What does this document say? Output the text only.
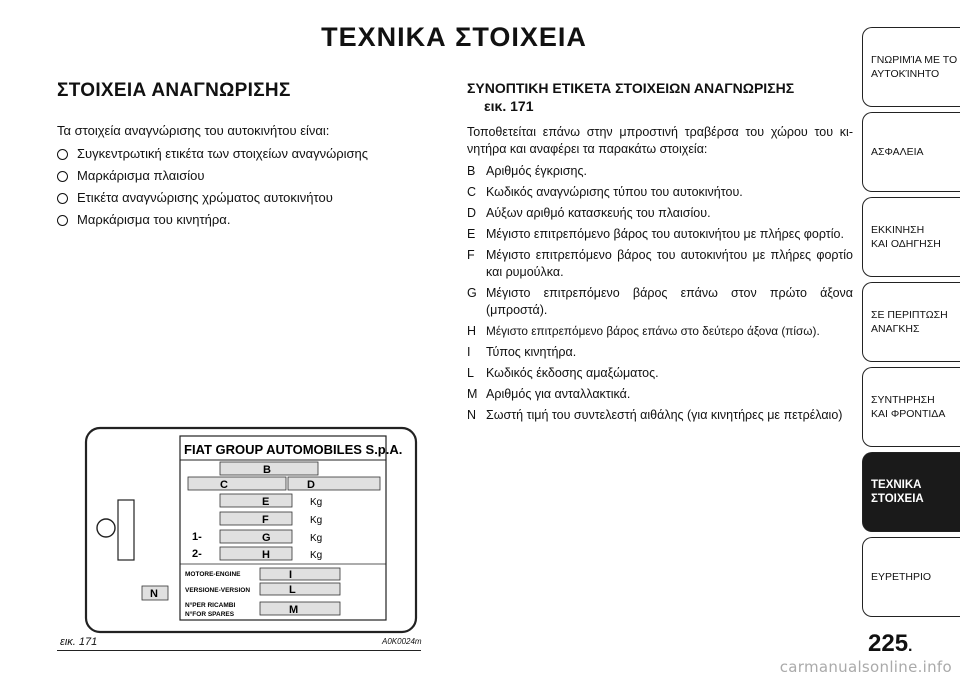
ΤΕΧΝΙΚΑ ΣΤΟΙΧΕΙΑ
ΣΤΟΙΧΕΙΑ ΑΝΑΓΝΩΡΙΣΗΣ
Τα στοιχεία αναγνώρισης του αυτοκινήτου είναι:
Συγκεντρωτική ετικέτα των στοιχείων αναγνώρισης
Μαρκάρισμα πλαισίου
Ετικέτα αναγνώρισης χρώματος αυτοκινήτου
Μαρκάρισμα του κινητήρα.
ΣΥΝΟΠΤΙΚΗ ΕΤΙΚΕΤΑ ΣΤΟΙΧΕΙΩΝ ΑΝΑΓΝΩΡΙΣΗΣ
εικ. 171
Τοποθετείται επάνω στην μπροστινή τραβέρσα του χώρου του κι-νητήρα και αναφέρει τα παρακάτω στοιχεία:
B Αριθμός έγκρισης.
C Κωδικός αναγνώρισης τύπου του αυτοκινήτου.
D Αύξων αριθμό κατασκευής του πλαισίου.
E Μέγιστο επιτρεπόμενο βάρος του αυτοκινήτου με πλήρες φορτίο.
F Μέγιστο επιτρεπόμενο βάρος του αυτοκινήτου με πλήρες φορτίο και ρυμούλκα.
G Μέγιστο επιτρεπόμενο βάρος επάνω στον πρώτο άξονα (μπροστά).
H Μέγιστο επιτρεπόμενο βάρος επάνω στο δεύτερο άξονα (πίσω).
I	Τύπος κινητήρα.
L Κωδικός έκδοσης αμαξώματος.
M Αριθμός για ανταλλακτικά.
N Σωστή τιμή του συντελεστή αιθάλης (για κινητήρες με πετρέλαιο)
FIAT GROUP AUTOMOBILES S.p.A.
B
C	D
E	Kg
F	Kg
1-	G	Kg
2-	H	Kg
MOTORE-ENGINE	I
VERSIONE-VERSION	L
N°PER RICAMBI
N°FOR SPARES	M
N
εικ. 171	A0K0024m	225.
ΓΝΩΡΙΜΊΑ ΜΕ ΤΟ
ΑΥΤΟΚΊΝΗΤΟ
ΑΣΦΑΛΕΙΑ
ΕΚΚΙΝΗΣΗ
ΚΑΙ ΟΔΗΓΗΣΗ
ΣΕ ΠΕΡΙΠΤΩΣΗ
ΑΝΑΓΚΗΣ
ΣΥΝΤΗΡΗΣΗ
ΚΑΙ ΦΡΟΝΤΙΔΑ
ΤΕΧΝΙΚΑ
ΣΤΟΙΧΕΙΑ
ΕΥΡΕΤΗΡΙΟ
carmanualsonline.info
